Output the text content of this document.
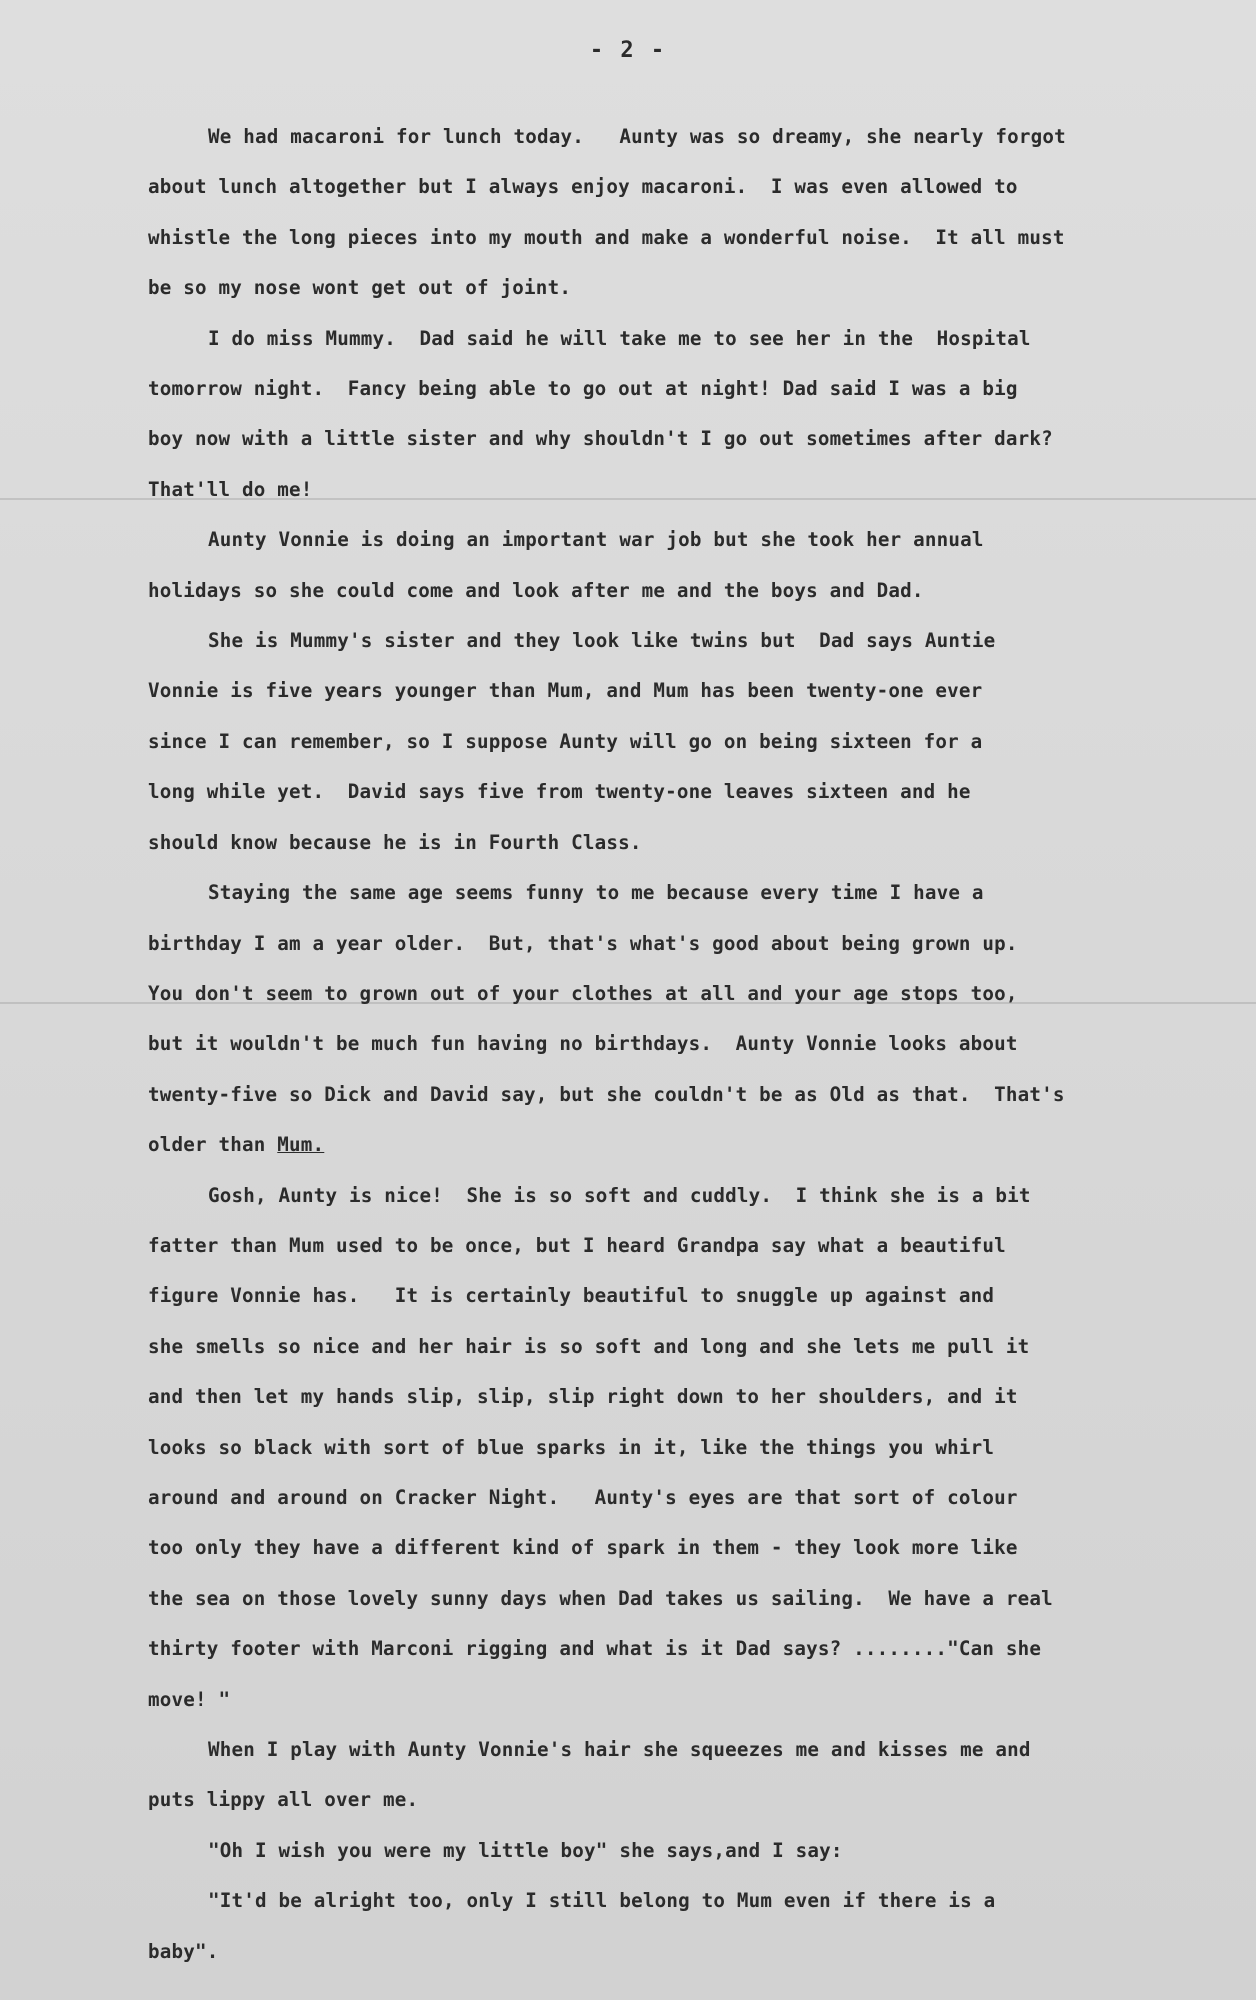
- 2 -

We had macaroni for lunch today.   Aunty was so dreamy, she nearly forgot
about lunch altogether but I always enjoy macaroni.  I was even allowed to
whistle the long pieces into my mouth and make a wonderful noise.  It all must
be so my nose wont get out of joint.

I do miss Mummy.  Dad said he will take me to see her in the  Hospital
tomorrow night.  Fancy being able to go out at night! Dad said I was a big
boy now with a little sister and why shouldn't I go out sometimes after dark?
That'll do me!

Aunty Vonnie is doing an important war job but she took her annual
holidays so she could come and look after me and the boys and Dad.

She is Mummy's sister and they look like twins but  Dad says Auntie
Vonnie is five years younger than Mum, and Mum has been twenty-one ever
since I can remember, so I suppose Aunty will go on being sixteen for a
long while yet.  David says five from twenty-one leaves sixteen and he
should know because he is in Fourth Class.

Staying the same age seems funny to me because every time I have a
birthday I am a year older.  But, that's what's good about being grown up.
You don't seem to grown out of your clothes at all and your age stops too,
but it wouldn't be much fun having no birthdays.  Aunty Vonnie looks about
twenty-five so Dick and David say, but she couldn't be as Old as that.  That's
older than Mum.

Gosh, Aunty is nice!  She is so soft and cuddly.  I think she is a bit
fatter than Mum used to be once, but I heard Grandpa say what a beautiful
figure Vonnie has.   It is certainly beautiful to snuggle up against and
she smells so nice and her hair is so soft and long and she lets me pull it
and then let my hands slip, slip, slip right down to her shoulders, and it
looks so black with sort of blue sparks in it, like the things you whirl
around and around on Cracker Night.   Aunty's eyes are that sort of colour
too only they have a different kind of spark in them - they look more like
the sea on those lovely sunny days when Dad takes us sailing.  We have a real
thirty footer with Marconi rigging and what is it Dad says? ........"Can she
move! "

When I play with Aunty Vonnie's hair she squeezes me and kisses me and
puts lippy all over me.

"Oh I wish you were my little boy" she says,and I say:

"It'd be alright too, only I still belong to Mum even if there is a
baby".
